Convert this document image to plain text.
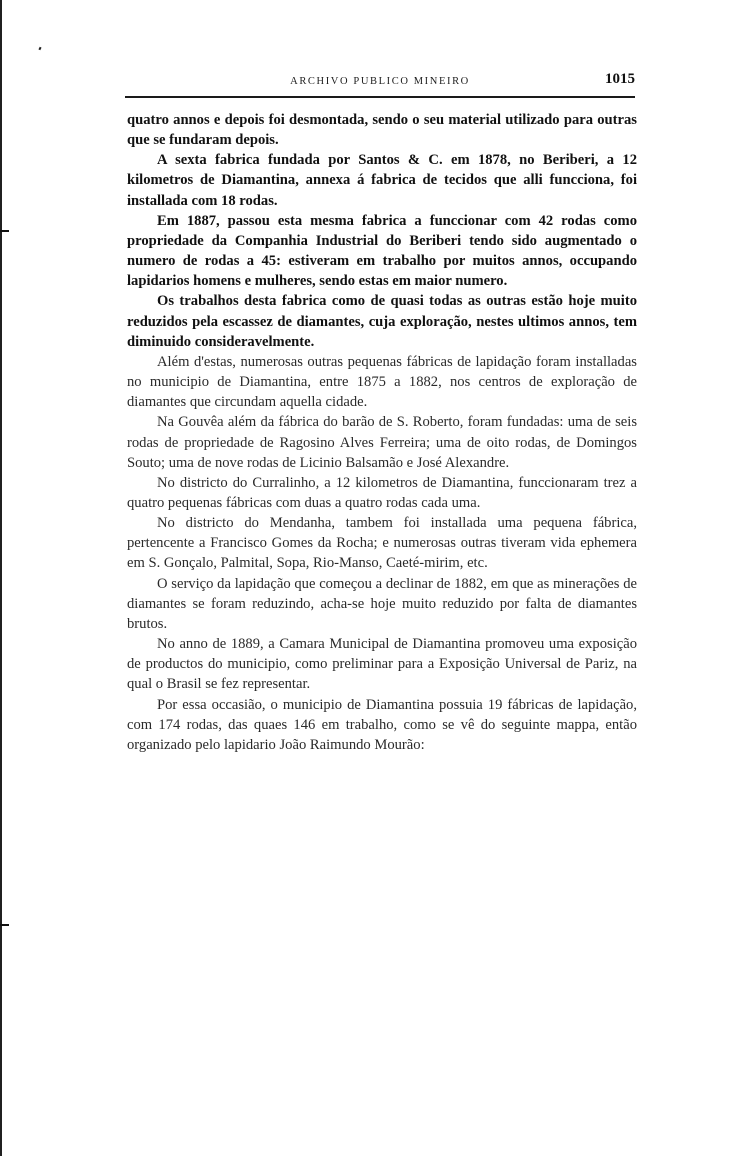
ARCHIVO PUBLICO MINEIRO	1015

quatro annos e depois foi desmontada, sendo o seu material utilizado para outras que se fundaram depois.

A sexta fabrica fundada por Santos & C. em 1878, no Beriberi, a 12 kilometros de Diamantina, annexa á fabrica de tecidos que alli funcciona, foi installada com 18 rodas.

Em 1887, passou esta mesma fabrica a funccionar com 42 rodas como propriedade da Companhia Industrial do Beriberi tendo sido augmentado o numero de rodas a 45: estiveram em trabalho por muitos annos, occupando lapidarios homens e mulheres, sendo estas em maior numero.

Os trabalhos desta fabrica como de quasi todas as outras estão hoje muito reduzidos pela escassez de diamantes, cuja exploração, nestes ultimos annos, tem diminuido consideravelmente.

Além d'estas, numerosas outras pequenas fábricas de lapidação foram installadas no municipio de Diamantina, entre 1875 a 1882, nos centros de exploração de diamantes que circundam aquella cidade.

Na Gouvêa além da fábrica do barão de S. Roberto, foram fundadas: uma de seis rodas de propriedade de Ragosino Alves Ferreira; uma de oito rodas, de Domingos Souto; uma de nove rodas de Licinio Balsamão e José Alexandre.

No districto do Curralinho, a 12 kilometros de Diamantina, funccionaram trez a quatro pequenas fábricas com duas a quatro rodas cada uma.

No districto do Mendanha, tambem foi installada uma pequena fábrica, pertencente a Francisco Gomes da Rocha; e numerosas outras tiveram vida ephemera em S. Gonçalo, Palmital, Sopa, Rio-Manso, Caeté-mirim, etc.

O serviço da lapidação que começou a declinar de 1882, em que as minerações de diamantes se foram reduzindo, acha-se hoje muito reduzido por falta de diamantes brutos.

No anno de 1889, a Camara Municipal de Diamantina promoveu uma exposição de productos do municipio, como preliminar para a Exposição Universal de Pariz, na qual o Brasil se fez representar.

Por essa occasião, o municipio de Diamantina possuia 19 fábricas de lapidação, com 174 rodas, das quaes 146 em trabalho, como se vê do seguinte mappa, então organizado pelo lapidario João Raimundo Mourão:
